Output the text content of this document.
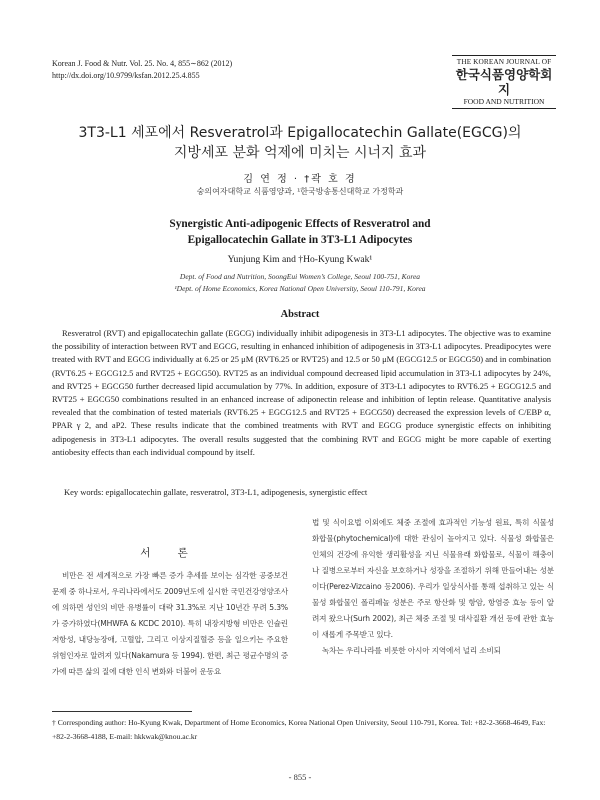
Korean J. Food & Nutr. Vol. 25. No. 4, 855∼862 (2012)
http://dx.doi.org/10.9799/ksfan.2012.25.4.855
THE KOREAN JOURNAL OF
한국식품영양학회지
FOOD AND NUTRITION
3T3-L1 세포에서 Resveratrol과 Epigallocatechin Gallate(EGCG)의
지방세포 분화 억제에 미치는 시너지 효과
김 연 정 · †곽 호 경
숭의여자대학교 식품영양과, ¹한국방송통신대학교 가정학과
Synergistic Anti-adipogenic Effects of Resveratrol and
Epigallocatechin Gallate in 3T3-L1 Adipocytes
Yunjung Kim and †Ho-Kyung Kwak¹
Dept. of Food and Nutrition, SoongEui Women’s College, Seoul 100-751, Korea
¹Dept. of Home Economics, Korea National Open University, Seoul 110-791, Korea
Abstract
Resveratrol (RVT) and epigallocatechin gallate (EGCG) individually inhibit adipogenesis in 3T3-L1 adipocytes. The objective was to examine the possibility of interaction between RVT and EGCG, resulting in enhanced inhibition of adipogenesis in 3T3-L1 adipocytes. Preadipocytes were treated with RVT and EGCG individually at 6.25 or 25 μM (RVT6.25 or RVT25) and 12.5 or 50 μM (EGCG12.5 or EGCG50) and in combination (RVT6.25 + EGCG12.5 and RVT25 + EGCG50). RVT25 as an individual compound decreased lipid accumulation in 3T3-L1 adipocytes by 24%, and RVT25 + EGCG50 further decreased lipid accumulation by 77%. In addition, exposure of 3T3-L1 adipocytes to RVT6.25 + EGCG12.5 and RVT25 + EGCG50 combinations resulted in an enhanced increase of adiponectin release and inhibition of leptin release. Quantitative analysis revealed that the combination of tested materials (RVT6.25 + EGCG12.5 and RVT25 + EGCG50) decreased the expression levels of C/EBP α, PPAR γ 2, and aP2. These results indicate that the combined treatments with RVT and EGCG produce synergistic effects on inhibiting adipogenesis in 3T3-L1 adipocytes. The overall results suggested that the combining RVT and EGCG might be more capable of exerting antiobesity effects than each individual compound by itself.
Key words: epigallocatechin gallate, resveratrol, 3T3-L1, adipogenesis, synergistic effect
서 론
비만은 전 세계적으로 가장 빠른 증가 추세를 보이는 심각한 공중보건문제 중 하나로서, 우리나라에서도 2009년도에 실시한 국민건강영양조사에 의하면 성인의 비만 유병률이 대략 31.3%로 지난 10년간 무려 5.3%가 증가하였다(MHWFA & KCDC 2010). 특히 내장지방형 비만은 인슐린 저항성, 내당능장애, 고혈압, 그리고 이상지질혈증 등을 일으키는 주요한 위험인자로 알려져 있다(Nakamura 등 1994). 한편, 최근 평균수명의 증가에 따른 삶의 질에 대한 인식 변화와 더불어 운동요
법 및 식이요법 이외에도 체중 조절에 효과적인 기능성 원료, 특히 식물성 화합물(phytochemical)에 대한 관심이 높아지고 있다. 식물성 화합물은 인체의 건강에 유익한 생리활성을 지닌 식물유래 화합물로, 식물이 해충이나 질병으로부터 자신을 보호하거나 성장을 조절하기 위해 만들어내는 성분이다(Perez-Vizcaino 등2006). 우리가 일상식사를 통해 섭취하고 있는 식물성 화합물인 폴리페놀 성분은 주로 항산화 및 항암, 항염증 효능 등이 알려져 왔으나(Surh 2002), 최근 체중 조절 및 대사질환 개선 등에 관한 효능이 새롭게 주목받고 있다.
녹차는 우리나라를 비롯한 아시아 지역에서 널리 소비되
† Corresponding author: Ho-Kyung Kwak, Department of Home Economics, Korea National Open University, Seoul 110-791, Korea. Tel: +82-2-3668-4649, Fax: +82-2-3668-4188, E-mail: hkkwak@knou.ac.kr
- 855 -
